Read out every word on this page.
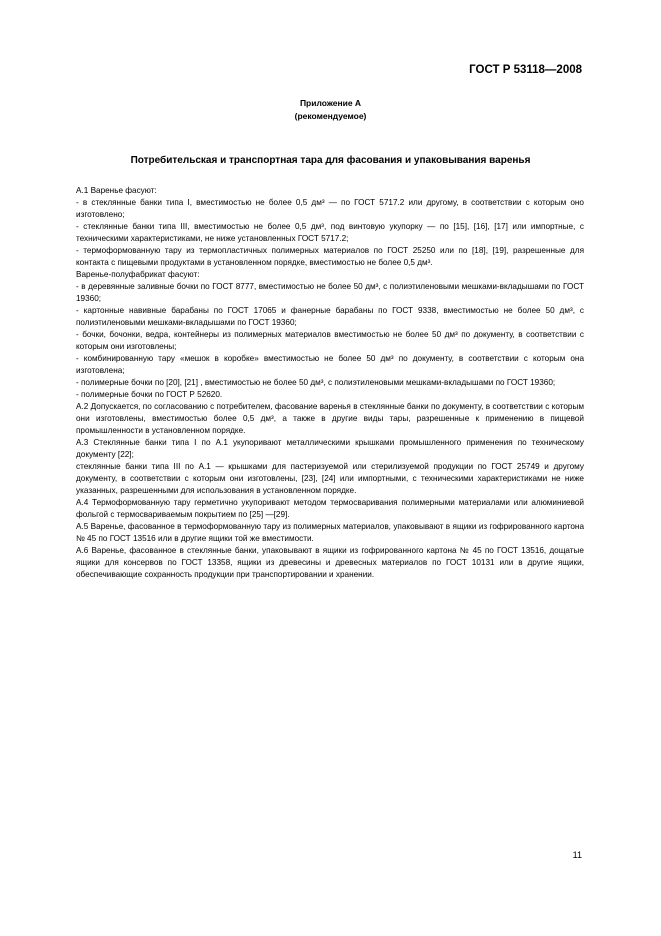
ГОСТ Р 53118—2008
Приложение А
(рекомендуемое)
Потребительская и транспортная тара для фасования и упаковывания варенья

А.1 Варенье фасуют:

- в стеклянные банки типа I, вместимостью не более 0,5 дм³ — по ГОСТ 5717.2 или другому, в соответствии с которым оно изготовлено;

- стеклянные банки типа III, вместимостью не более 0,5 дм³, под винтовую укупорку — по [15], [16], [17] или импортные, с техническими характеристиками, не ниже установленных ГОСТ 5717.2;

- термоформованную тару из термопластичных полимерных материалов по ГОСТ 25250 или по [18], [19], разрешенные для контакта с пищевыми продуктами в установленном порядке, вместимостью не более 0,5 дм³.

Варенье-полуфабрикат фасуют:

- в деревянные заливные бочки по ГОСТ 8777, вместимостью не более 50 дм³, с полиэтиленовыми мешками-вкладышами по ГОСТ 19360;

- картонные навивные барабаны по ГОСТ 17065 и фанерные барабаны по ГОСТ 9338, вместимостью не более 50 дм³, с полиэтиленовыми мешками-вкладышами по ГОСТ 19360;

- бочки, бочонки, ведра, контейнеры из полимерных материалов вместимостью не более 50 дм³ по документу, в соответствии с которым они изготовлены;

- комбинированную тару «мешок в коробке» вместимостью не более 50 дм³ по документу, в соответствии с которым она изготовлена;

- полимерные бочки по [20], [21] , вместимостью не более 50 дм³, с полиэтиленовыми мешками-вкладышами по ГОСТ 19360;

- полимерные бочки по ГОСТ Р 52620.

А.2 Допускается, по согласованию с потребителем, фасование варенья в стеклянные банки по документу, в соответствии с которым они изготовлены, вместимостью более 0,5 дм³, а также в другие виды тары, разрешенные к применению в пищевой промышленности в установленном порядке.

А.3 Стеклянные банки типа I по А.1 укупоривают металлическими крышками промышленного применения по техническому документу [22];

стеклянные банки типа III по А.1 — крышками для пастеризуемой или стерилизуемой продукции по ГОСТ 25749 и другому документу, в соответствии с которым они изготовлены, [23], [24] или импортными, с техническими характеристиками не ниже указанных, разрешенными для использования в установленном порядке.

А.4 Термоформованную тару герметично укупоривают методом термосваривания полимерными материалами или алюминиевой фольгой с термосвариваемым покрытием по [25] —[29].

А.5 Варенье, фасованное в термоформованную тару из полимерных материалов, упаковывают в ящики из гофрированного картона № 45 по ГОСТ 13516 или в другие ящики той же вместимости.

А.6 Варенье, фасованное в стеклянные банки, упаковывают в ящики из гофрированного картона № 45 по ГОСТ 13516, дощатые ящики для консервов по ГОСТ 13358, ящики из древесины и древесных материалов по ГОСТ 10131 или в другие ящики, обеспечивающие сохранность продукции при транспортировании и хранении.

11
